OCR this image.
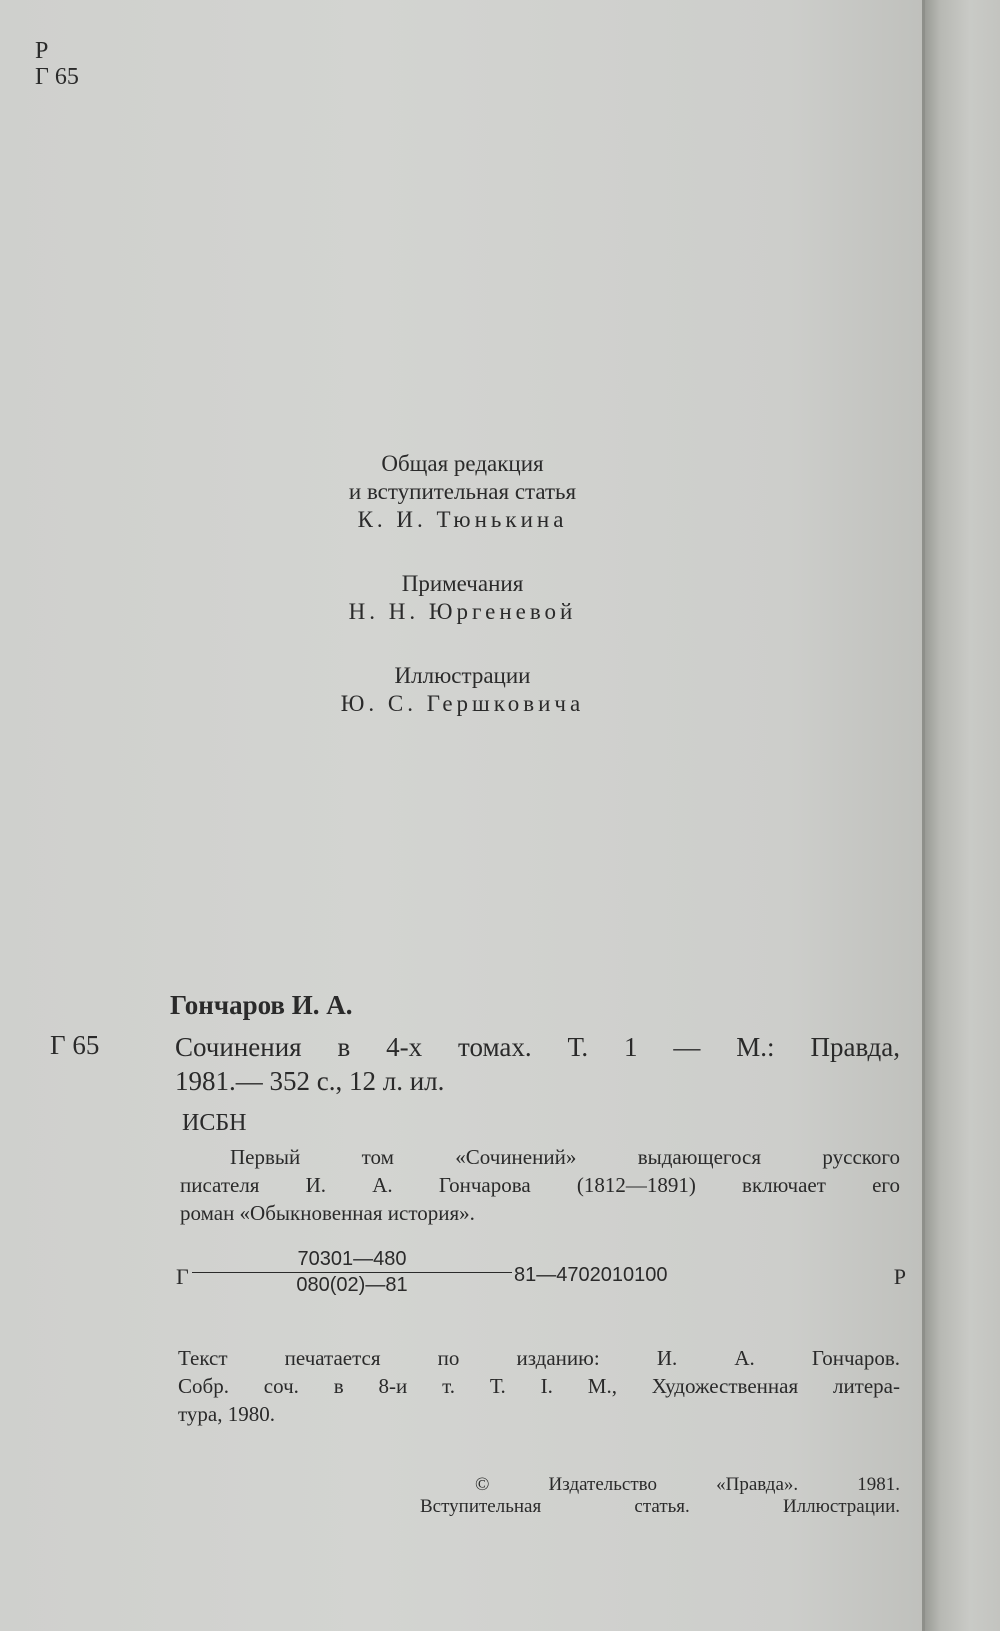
Р
Г 65
Общая редакция
и вступительная статья
К. И. Тюнькина
Примечания
Н. Н. Юргеневой
Иллюстрации
Ю. С. Гершковича
Гончаров И. А.
Г 65	Сочинения в 4-х томах. Т. 1 — М.: Правда,
1981.— 352 с., 12 л. ил.
ИСБН
Первый том «Сочинений» выдающегося русского
писателя И. А. Гончарова (1812—1891) включает его
роман «Обыкновенная история».
Г $\frac{70301—480}{080(02)—81}$ 81—4702010100	Р
Текст печатается по изданию: И. А. Гончаров.
Собр. соч. в 8-и т. Т. I. М., Художественная литера-
тура, 1980.
© Издательство «Правда». 1981.
Вступительная статья. Иллюстрации.
